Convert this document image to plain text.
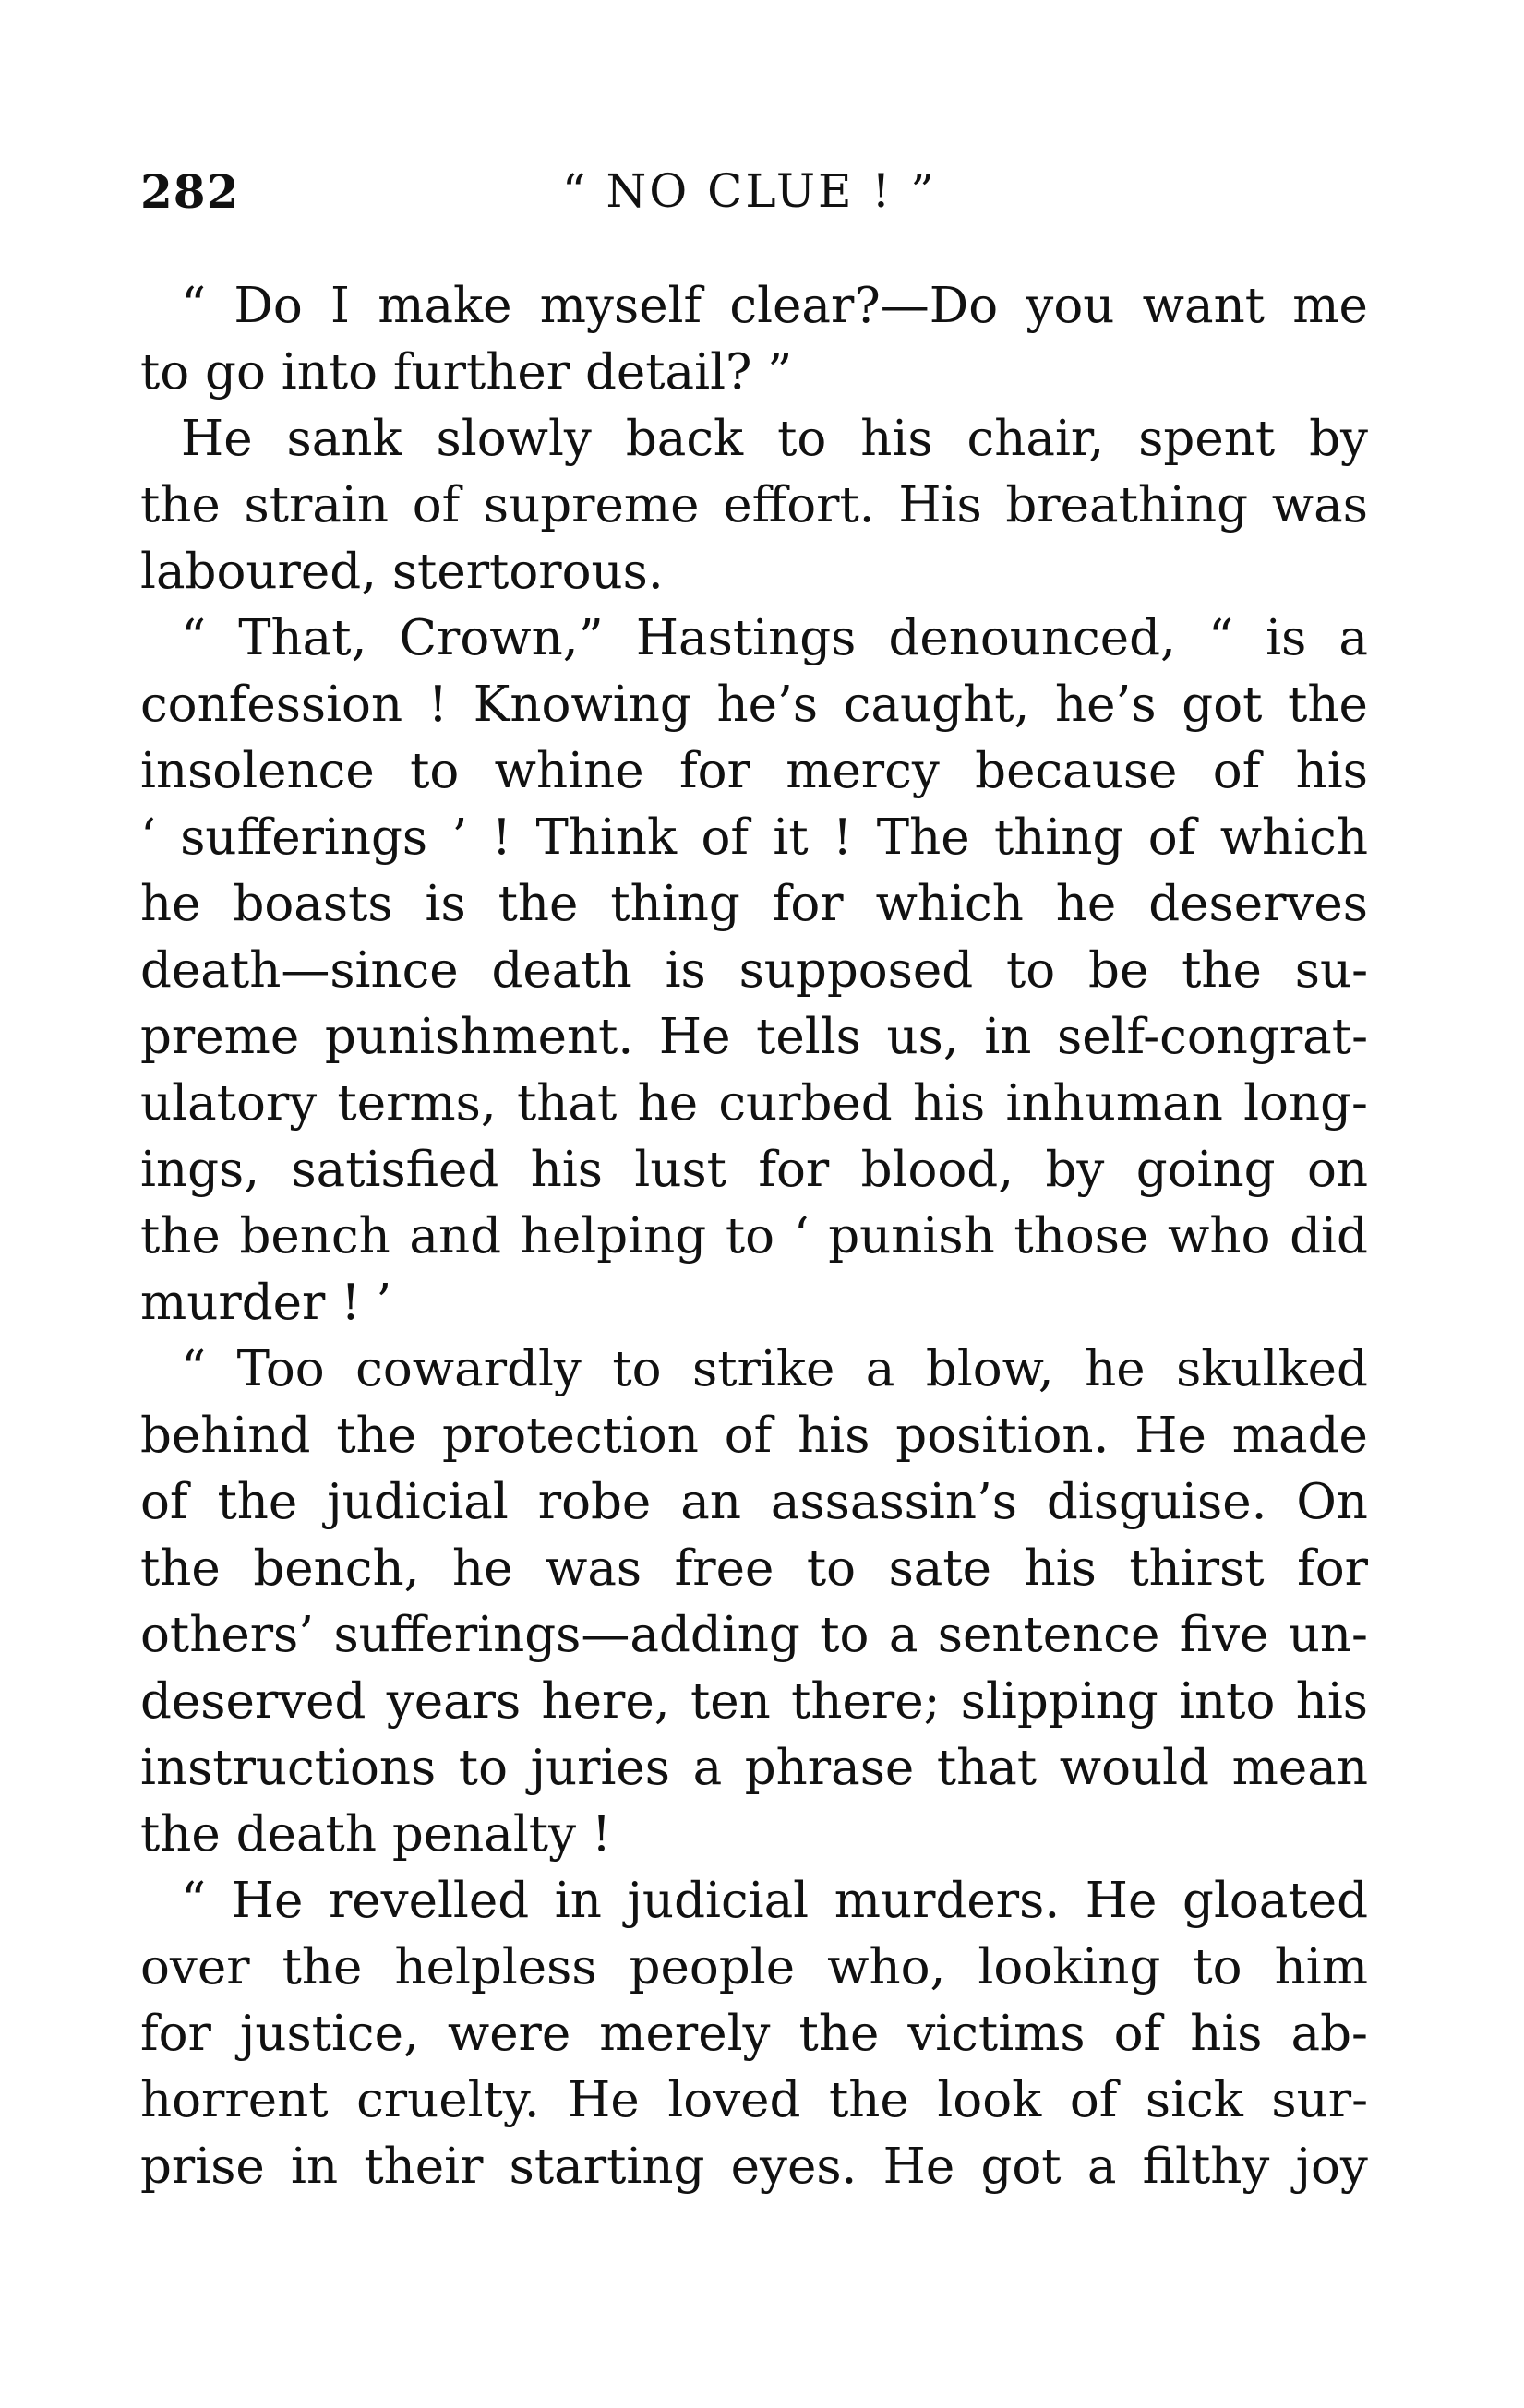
282	“ NO CLUE ! ”
“ Do I make myself clear?—Do you want me
to go into further detail? ”
He sank slowly back to his chair, spent by
the strain of supreme effort. His breathing was
laboured, stertorous.
“ That, Crown,” Hastings denounced, “ is a
confession ! Knowing he’s caught, he’s got the
insolence to whine for mercy because of his
‘ sufferings ’ ! Think of it ! The thing of which
he boasts is the thing for which he deserves
death—since death is supposed to be the su-
preme punishment. He tells us, in self-congrat-
ulatory terms, that he curbed his inhuman long-
ings, satisfied his lust for blood, by going on
the bench and helping to ‘ punish those who did
murder ! ’
“ Too cowardly to strike a blow, he skulked
behind the protection of his position. He made
of the judicial robe an assassin’s disguise. On
the bench, he was free to sate his thirst for
others’ sufferings—adding to a sentence five un-
deserved years here, ten there; slipping into his
instructions to juries a phrase that would mean
the death penalty !
“ He revelled in judicial murders. He gloated
over the helpless people who, looking to him
for justice, were merely the victims of his ab-
horrent cruelty. He loved the look of sick sur-
prise in their starting eyes. He got a filthy joy
